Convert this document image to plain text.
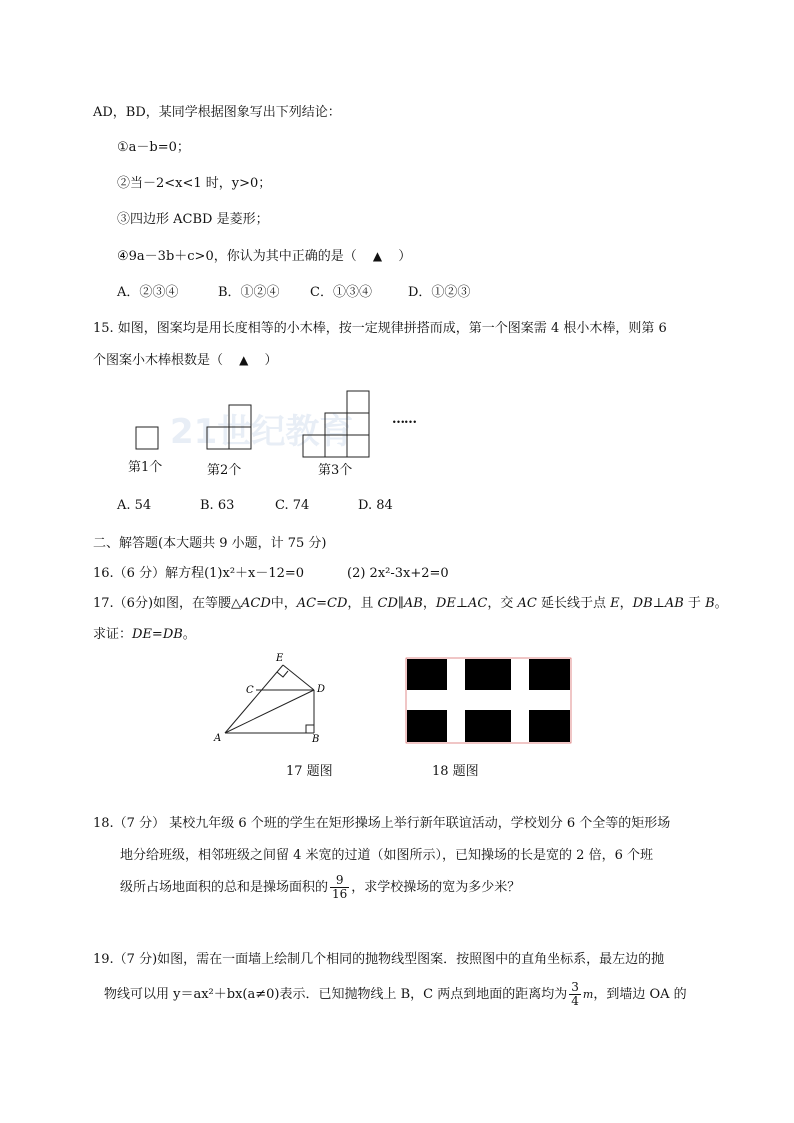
AD，BD，某同学根据图象写出下列结论：
①a－b=0；
②当－2<x<1 时，y>0；
③四边形 ACBD 是菱形；
④9a－3b＋c>0，你认为其中正确的是（ ▲ ）
A．②③④	B．①②④ C．①③④	D．①②③
15. 如图，图案均是用长度相等的小木棒，按一定规律拼搭而成，第一个图案需 4 根小木棒，则第 6
个图案小木棒根数是（ ▲ ）
21世纪教育	……
第1个	第2个	第3个
A. 54	B. 63	C. 74	D. 84
二、解答题(本大题共 9 小题，计 75 分)
16.（6 分）解方程(1)x²＋x－12=0	(2) 2x²-3x+2=0
17.（6分)如图，在等腰△ACD中，AC=CD，且 CD∥AB，DE⊥AC，交 AC 延长线于点 E，DB⊥AB 于 B。
求证：DE=DB。
E
C	D
A	B
17 题图	18 题图
18.（7 分） 某校九年级 6 个班的学生在矩形操场上举行新年联谊活动，学校划分 6 个全等的矩形场
地分给班级，相邻班级之间留 4 米宽的过道（如图所示），已知操场的长是宽的 2 倍，6 个班
级所占场地面积的总和是操场面积的 $\frac{9}{16}$ ，求学校操场的宽为多少米？
19.（7 分)如图，需在一面墙上绘制几个相同的抛物线型图案．按照图中的直角坐标系，最左边的抛
物线可以用 y＝ax²＋bx(a≠0)表示．已知抛物线上 B，C 两点到地面的距离均为 $\frac{3}{4}$ m，到墙边 OA 的
